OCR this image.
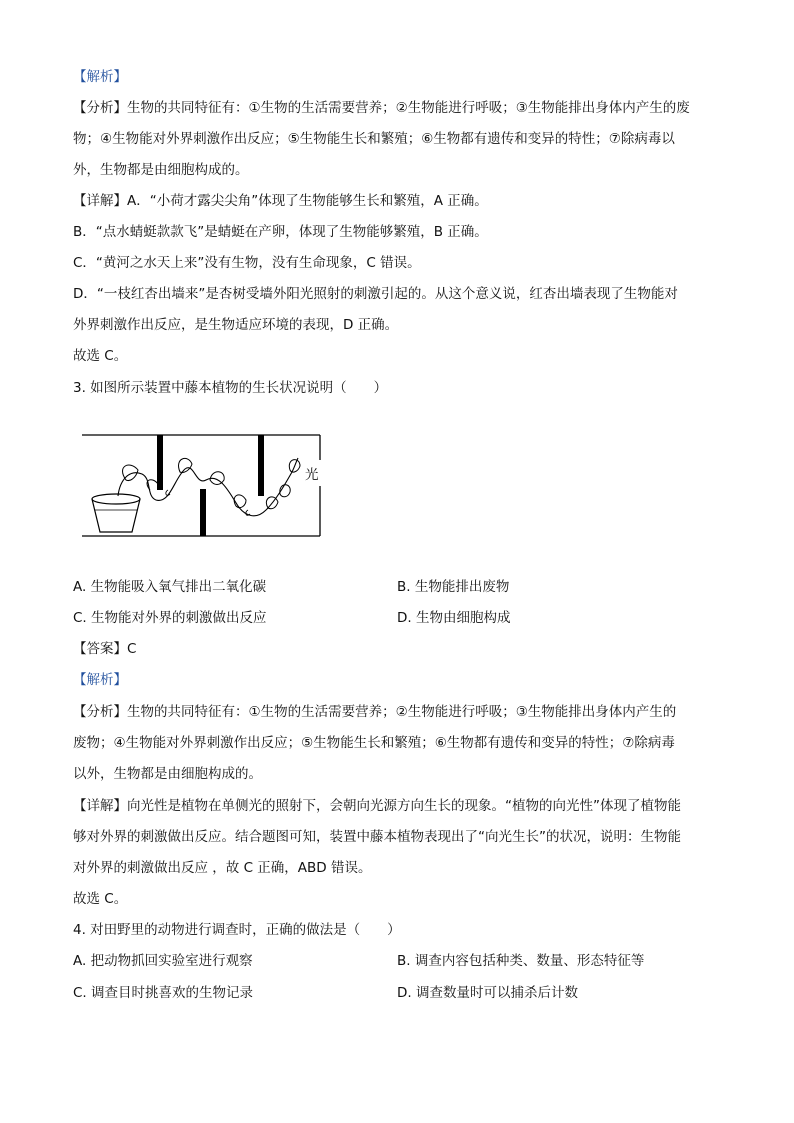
【解析】
【分析】生物的共同特征有：①生物的生活需要营养；②生物能进行呼吸；③生物能排出身体内产生的废
物；④生物能对外界刺激作出反应；⑤生物能生长和繁殖；⑥生物都有遗传和变异的特性；⑦除病毒以
外，生物都是由细胞构成的。
【详解】A．“小荷才露尖尖角”体现了生物能够生长和繁殖，A 正确。
B．“点水蜻蜓款款飞”是蜻蜓在产卵，体现了生物能够繁殖，B 正确。
C．“黄河之水天上来”没有生物，没有生命现象，C 错误。
D．“一枝红杏出墙来”是杏树受墙外阳光照射的刺激引起的。从这个意义说，红杏出墙表现了生物能对
外界刺激作出反应，是生物适应环境的表现，D 正确。
故选 C。
3. 如图所示装置中藤本植物的生长状况说明（　　）
光
A. 生物能吸入氧气排出二氧化碳	B. 生物能排出废物
C. 生物能对外界的刺激做出反应	D. 生物由细胞构成
【答案】C
【解析】
【分析】生物的共同特征有：①生物的生活需要营养；②生物能进行呼吸；③生物能排出身体内产生的
废物；④生物能对外界刺激作出反应；⑤生物能生长和繁殖；⑥生物都有遗传和变异的特性；⑦除病毒
以外，生物都是由细胞构成的。
【详解】向光性是植物在单侧光的照射下，会朝向光源方向生长的现象。“植物的向光性”体现了植物能
够对外界的刺激做出反应。结合题图可知，装置中藤本植物表现出了“向光生长”的状况，说明：生物能
对外界的刺激做出反应 ，故 C 正确，ABD 错误。
故选 C。
4. 对田野里的动物进行调查时，正确的做法是（　　）
A. 把动物抓回实验室进行观察	B. 调查内容包括种类、数量、形态特征等
C. 调查目时挑喜欢的生物记录	D. 调查数量时可以捕杀后计数
